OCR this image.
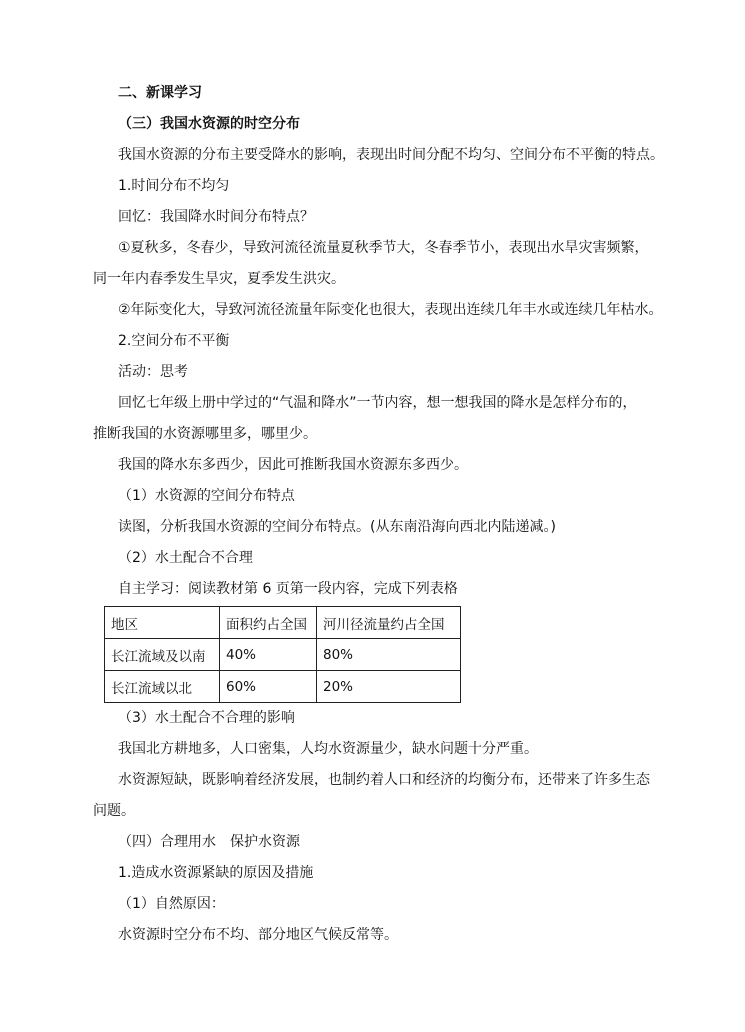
二、新课学习
（三）我国水资源的时空分布
我国水资源的分布主要受降水的影响，表现出时间分配不均匀、空间分布不平衡的特点。
1.时间分布不均匀
回忆：我国降水时间分布特点？
①夏秋多，冬春少，导致河流径流量夏秋季节大，冬春季节小，表现出水旱灾害频繁，
同一年内春季发生旱灾，夏季发生洪灾。
②年际变化大，导致河流径流量年际变化也很大，表现出连续几年丰水或连续几年枯水。
2.空间分布不平衡
活动：思考
回忆七年级上册中学过的“气温和降水”一节内容，想一想我国的降水是怎样分布的，
推断我国的水资源哪里多，哪里少。
我国的降水东多西少，因此可推断我国水资源东多西少。
（1）水资源的空间分布特点
读图，分析我国水资源的空间分布特点。(从东南沿海向西北内陆递减。)
（2）水土配合不合理
自主学习：阅读教材第 6 页第一段内容，完成下列表格
地区	面积约占全国	河川径流量约占全国
长江流域及以南	40%	80%
长江流域以北	60%	20%
（3）水土配合不合理的影响
我国北方耕地多，人口密集，人均水资源量少，缺水问题十分严重。
水资源短缺，既影响着经济发展，也制约着人口和经济的均衡分布，还带来了许多生态
问题。
（四）合理用水　保护水资源
1.造成水资源紧缺的原因及措施
（1）自然原因：
水资源时空分布不均、部分地区气候反常等。
